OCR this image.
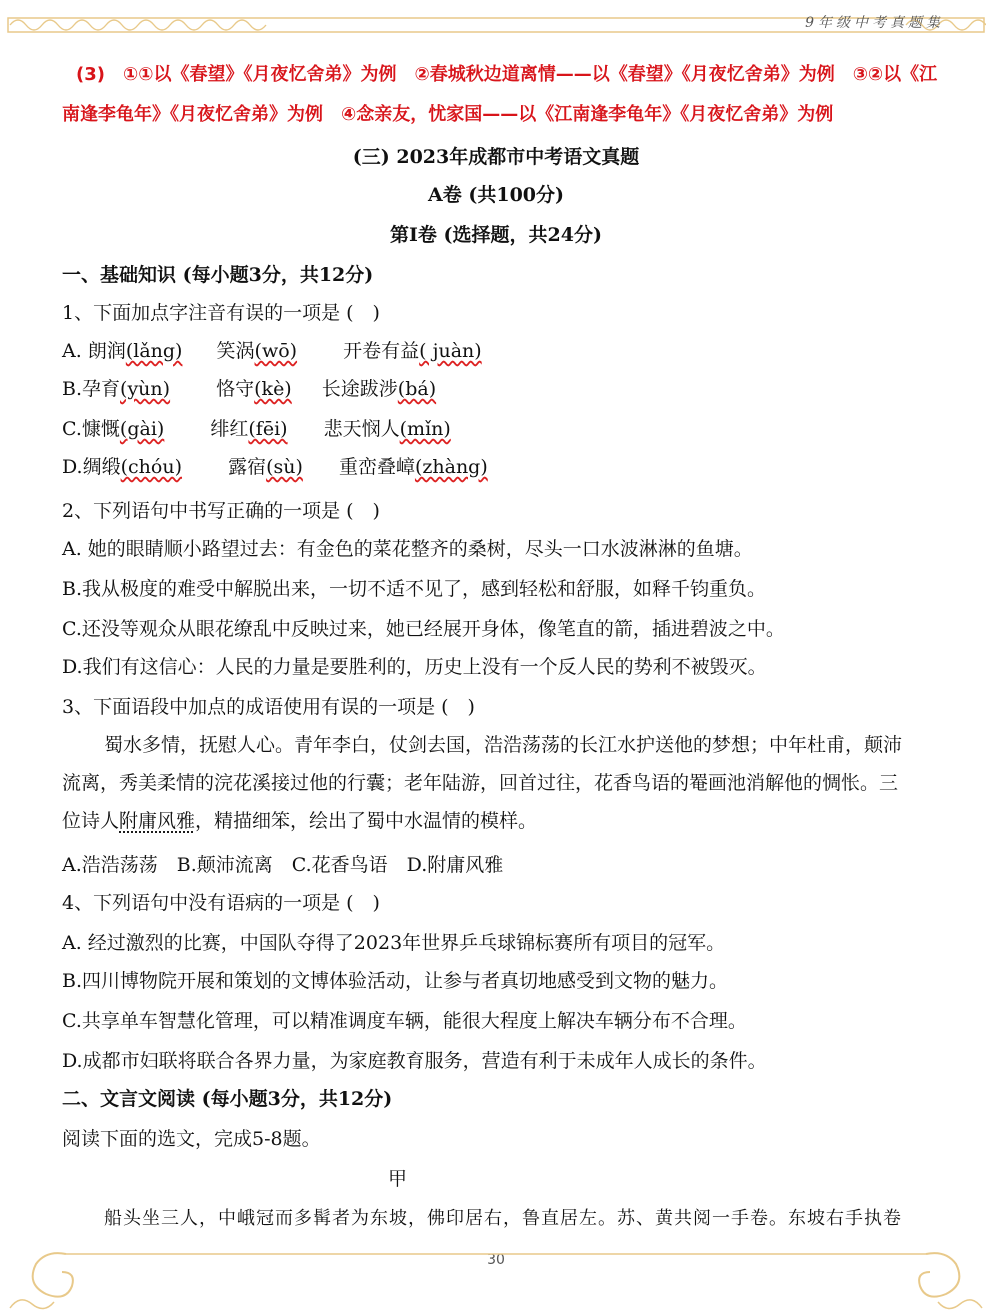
9年级中考真题集
(3)　①①以《春望》《月夜忆舍弟》为例　②春城秋边道离情——以《春望》《月夜忆舍弟》为例　③②以《江
南逢李龟年》《月夜忆舍弟》为例　④念亲友，忧家国——以《江南逢李龟年》《月夜忆舍弟》为例
(三) 2023年成都市中考语文真题
A卷 (共100分)
第Ⅰ卷 (选择题，共24分)
一、基础知识 (每小题3分，共12分)
1、下面加点字注音有误的一项是 (　)
A. 朗润(lǎng) 笑涡(wō) 开卷有益( juàn)
B.孕育(yùn) 恪守(kè) 长途跋涉(bá)
C.慷慨(gài) 绯红(fēi) 悲天悯人(mǐn)
D.绸缎(chóu) 露宿(sù) 重峦叠嶂(zhàng)
2、下列语句中书写正确的一项是 (　)
A. 她的眼睛顺小路望过去：有金色的菜花整齐的桑树，尽头一口水波淋淋的鱼塘。
B.我从极度的难受中解脱出来，一切不适不见了，感到轻松和舒服，如释千钧重负。
C.还没等观众从眼花缭乱中反映过来，她已经展开身体，像笔直的箭，插进碧波之中。
D.我们有这信心：人民的力量是要胜利的，历史上没有一个反人民的势利不被毁灭。
3、下面语段中加点的成语使用有误的一项是 (　)
蜀水多情，抚慰人心。青年李白，仗剑去国，浩浩荡荡的长江水护送他的梦想；中年杜甫，颠沛
流离，秀美柔情的浣花溪接过他的行囊；老年陆游，回首过往，花香鸟语的罨画池消解他的惆怅。三
位诗人附庸风雅，精描细笨，绘出了蜀中水温情的模样。
A.浩浩荡荡　B.颠沛流离　C.花香鸟语　D.附庸风雅
4、下列语句中没有语病的一项是 (　)
A. 经过激烈的比赛，中国队夺得了2023年世界乒乓球锦标赛所有项目的冠军。
B.四川博物院开展和策划的文博体验活动，让参与者真切地感受到文物的魅力。
C.共享单车智慧化管理，可以精准调度车辆，能很大程度上解决车辆分布不合理。
D.成都市妇联将联合各界力量，为家庭教育服务，营造有利于未成年人成长的条件。
二、文言文阅读 (每小题3分，共12分)
阅读下面的选文，完成5-8题。
甲
船头坐三人，中峨冠而多髯者为东坡，佛印居右，鲁直居左。苏、黄共阅一手卷。东坡右手执卷
30
